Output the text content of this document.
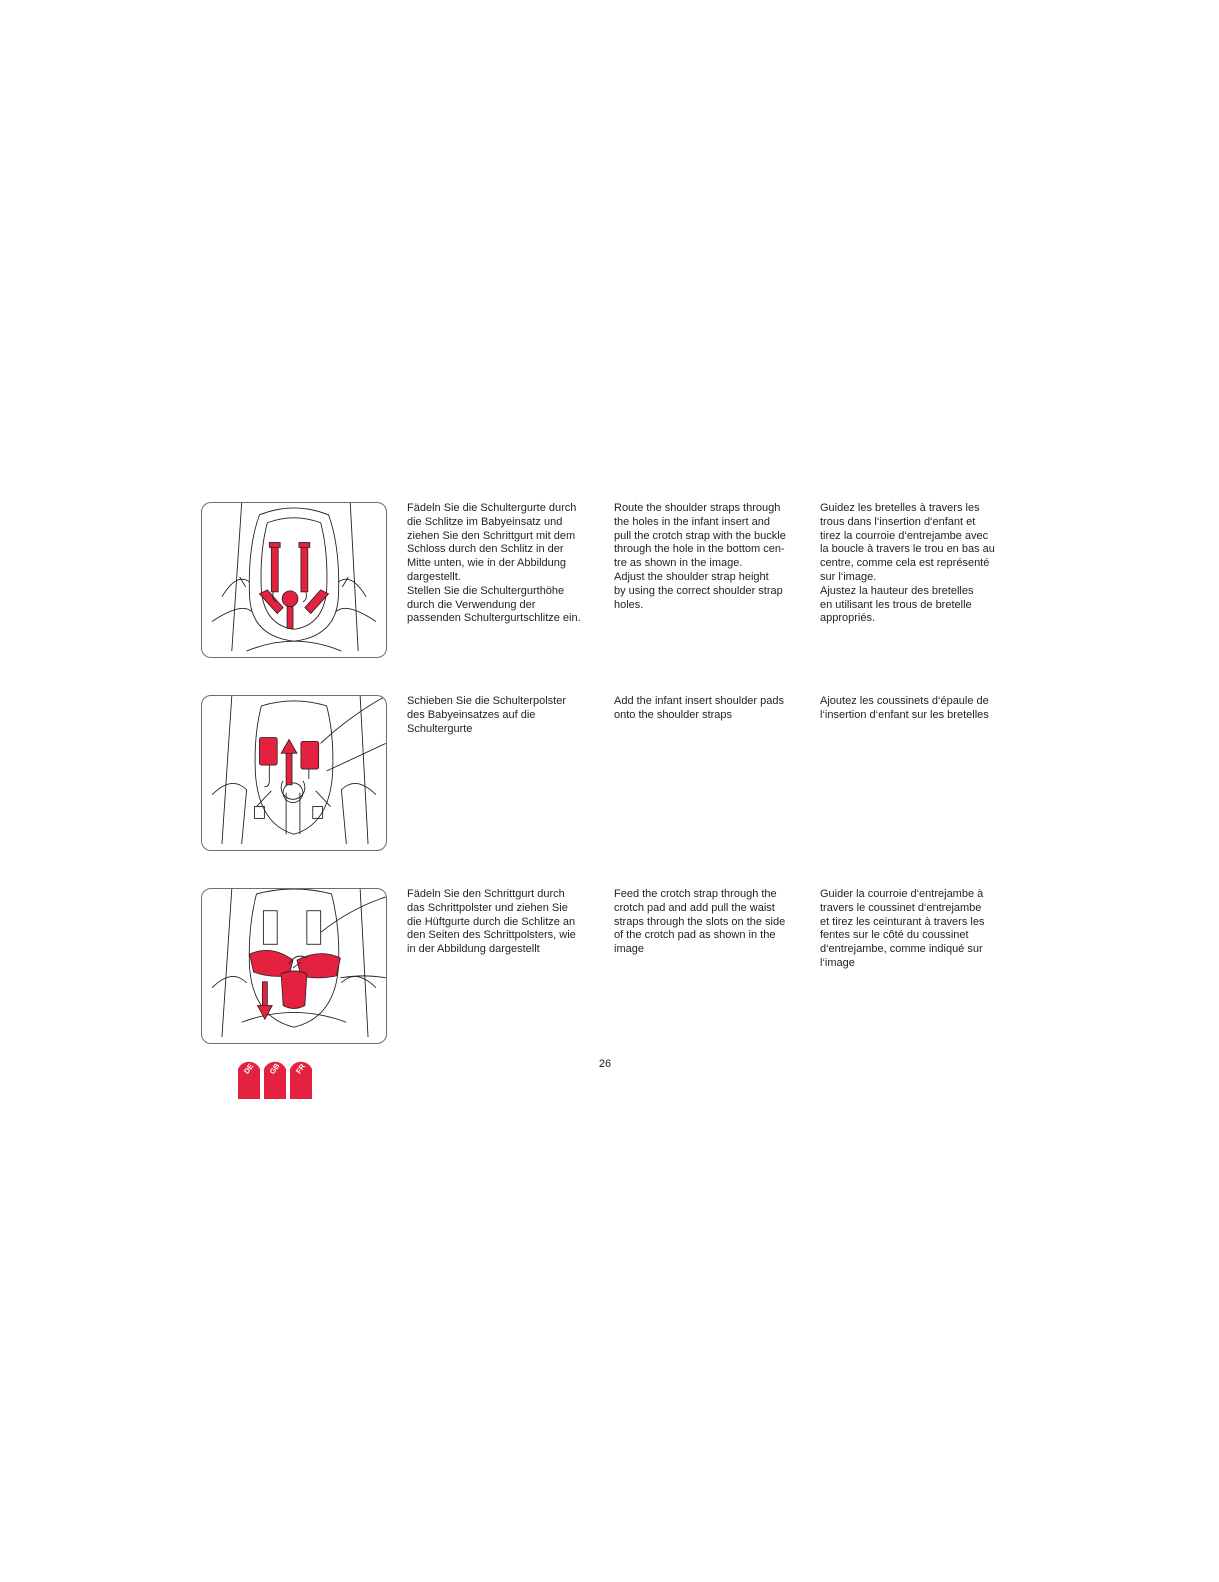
Fädeln Sie die Schultergurte durch
die Schlitze im Babyeinsatz und
ziehen Sie den Schrittgurt mit dem
Schloss durch den Schlitz in der
Mitte unten, wie in der Abbildung
dargestellt.
Stellen Sie die Schultergurthöhe
durch die Verwendung der
passenden Schultergurtschlitze ein.

Route the shoulder straps through
the holes in the infant insert and
pull the crotch strap with the buckle
through the hole in the bottom cen-
tre as shown in the image.
Adjust the shoulder strap height
by using the correct shoulder strap
holes.

Guidez les bretelles à travers les
trous dans l‘insertion d‘enfant et
tirez la courroie d‘entrejambe avec
la boucle à travers le trou en bas au
centre, comme cela est représenté
sur l‘image.
Ajustez la hauteur des bretelles
en utilisant les trous de bretelle
appropriés.

Schieben Sie die Schulterpolster
des Babyeinsatzes auf die
Schultergurte

Add the infant insert shoulder pads
onto the shoulder straps

Ajoutez les coussinets d‘épaule de
l‘insertion d‘enfant sur les bretelles

Fädeln Sie den Schrittgurt durch
das Schrittpolster und ziehen Sie
die Hüftgurte durch die Schlitze an
den Seiten des Schrittpolsters, wie
in der Abbildung dargestellt

Feed the crotch strap through the
crotch pad and add pull the waist
straps through the slots on the side
of the crotch pad as shown in the
image

Guider la courroie d‘entrejambe à
travers le coussinet d‘entrejambe
et tirez les ceinturant à travers les
fentes sur le côté du coussinet
d‘entrejambe, comme indiqué sur
l‘image

DE GB FR	26
